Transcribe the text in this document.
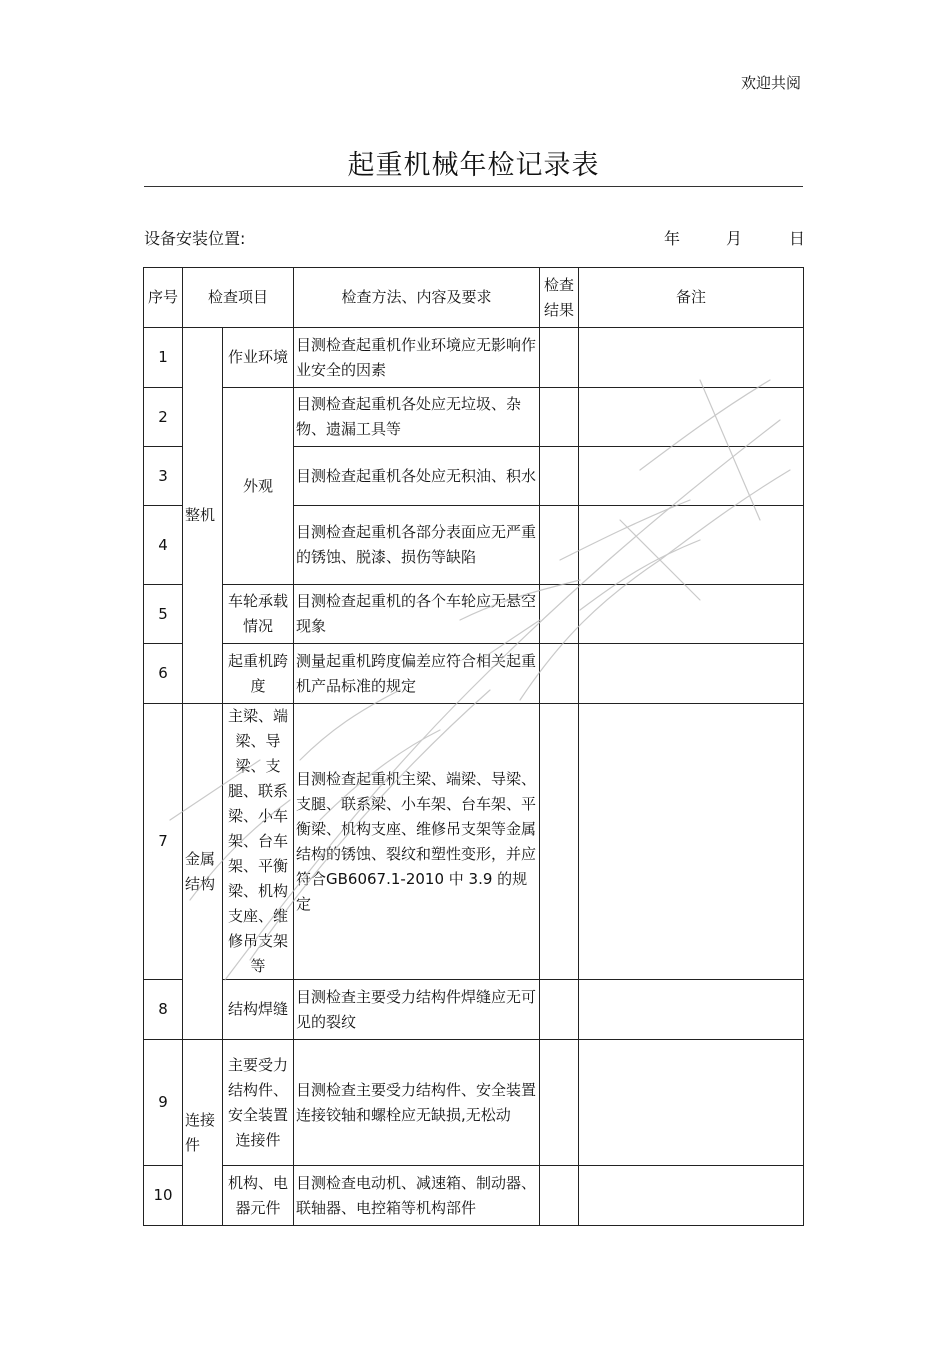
欢迎共阅
起重机械年检记录表
设备安装位置:	年	月	日
序号	检查项目		检查方法、内容及要求	检查结果	备注
1	整机	作业环境	目测检查起重机作业环境应无影响作业安全的因素		
2		外观	目测检查起重机各处应无垃圾、杂物、遗漏工具等		
3			目测检查起重机各处应无积油、积水		
4			目测检查起重机各部分表面应无严重的锈蚀、脱漆、损伤等缺陷		
5		车轮承载情况	目测检查起重机的各个车轮应无悬空现象		
6		起重机跨度	测量起重机跨度偏差应符合相关起重机产品标准的规定		
7	金属结构	主梁、端梁、导梁、支腿、联系梁、小车架、台车架、平衡梁、机构支座、维修吊支架等	目测检查起重机主梁、端梁、导梁、支腿、联系梁、小车架、台车架、平衡梁、机构支座、维修吊支架等金属结构的锈蚀、裂纹和塑性变形，并应符合GB6067.1-2010 中 3.9 的规定		
8		结构焊缝	目测检查主要受力结构件焊缝应无可见的裂纹		
9	连接件	主要受力结构件、安全装置连接件	目测检查主要受力结构件、安全装置连接铰轴和螺栓应无缺损,无松动		
10		机构、电器元件	目测检查电动机、减速箱、制动器、联轴器、电控箱等机构部件		
